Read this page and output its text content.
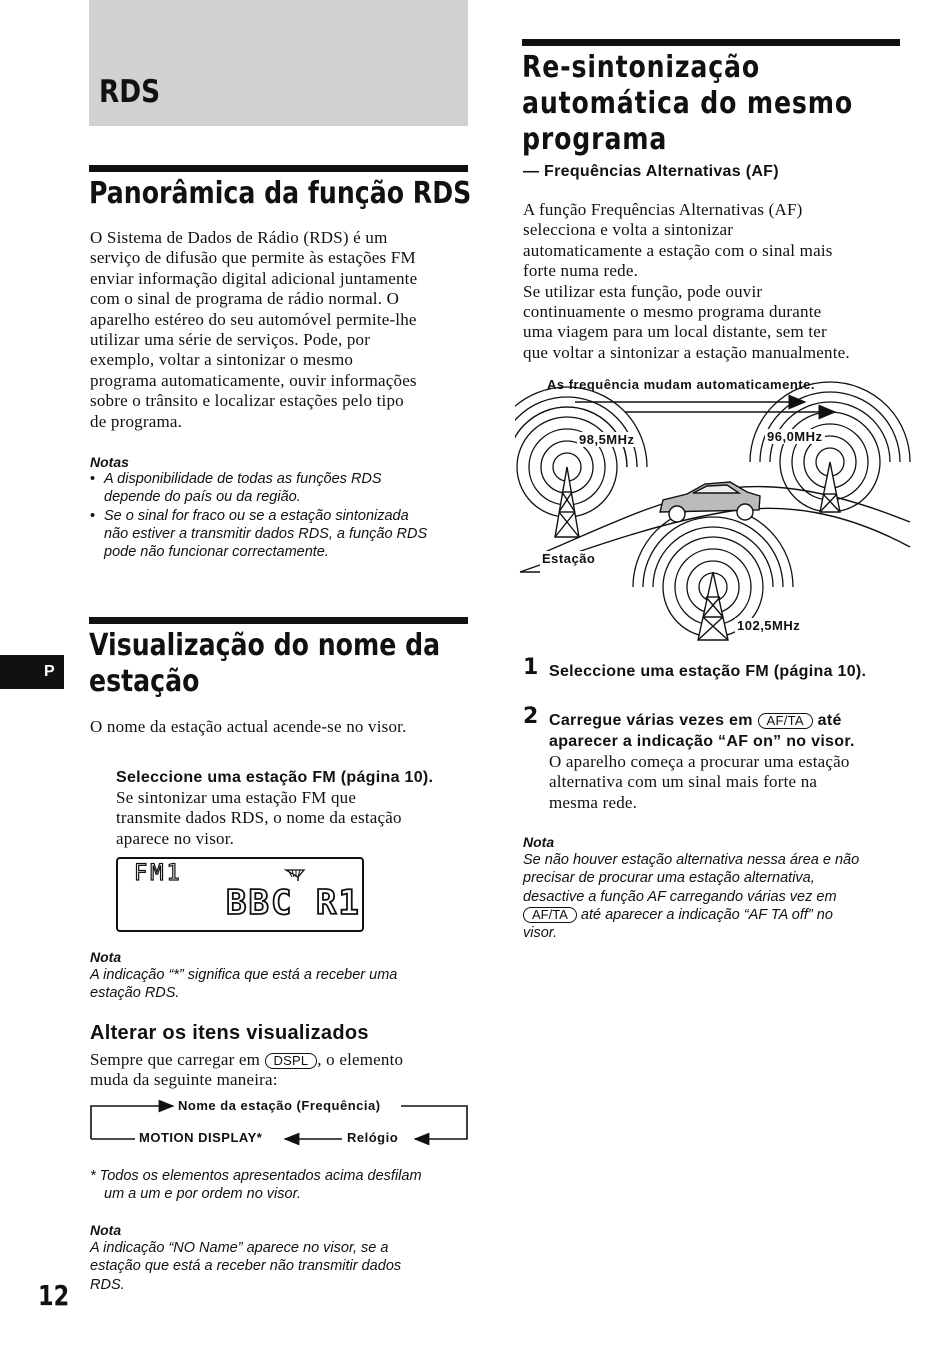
RDS
Panorâmica da função RDS
O Sistema de Dados de Rádio (RDS) é um
serviço de difusão que permite às estações FM
enviar informação digital adicional juntamente
com o sinal de programa de rádio normal. O
aparelho estéreo do seu automóvel permite-lhe
utilizar uma série de serviços. Pode, por
exemplo, voltar a sintonizar o mesmo
programa automaticamente, ouvir informações
sobre o trânsito e localizar estações pelo tipo
de programa.
Notas
• A disponibilidade de todas as funções RDS
depende do país ou da região.
• Se o sinal for fraco ou se a estação sintonizada
não estiver a transmitir dados RDS, a função RDS
pode não funcionar correctamente.
Visualização do nome da
estação
O nome da estação actual acende-se no visor.
Seleccione uma estação FM (página 10).
Se sintonizar uma estação FM que
transmite dados RDS, o nome da estação
aparece no visor.
FM1
BBC R1
Nota
A indicação “*” significa que está a receber uma
estação RDS.
Alterar os itens visualizados
Sempre que carregar em DSPL , o elemento
muda da seguinte maneira:
Nome da estação (Frequência)
MOTION DISPLAY*	Relógio
* Todos os elementos apresentados acima desfilam
um a um e por ordem no visor.
Nota
A indicação “NO Name” aparece no visor, se a
estação que está a receber não transmitir dados
RDS.
P
12
Re-sintonização
automática do mesmo
programa
— Frequências Alternativas (AF)
A função Frequências Alternativas (AF)
selecciona e volta a sintonizar
automaticamente a estação com o sinal mais
forte numa rede.
Se utilizar esta função, pode ouvir
continuamente o mesmo programa durante
uma viagem para um local distante, sem ter
que voltar a sintonizar a estação manualmente.
As frequência mudam automaticamente.
98,5MHz	96,0MHz
102,5MHz
Estação
1 Seleccione uma estação FM (página 10).
2 Carregue várias vezes em AF/TA até
aparecer a indicação “AF on” no visor.
O aparelho começa a procurar uma estação
alternativa com um sinal mais forte na
mesma rede.
Nota
Se não houver estação alternativa nessa área e não
precisar de procurar uma estação alternativa,
desactive a função AF carregando várias vez em
AF/TA até aparecer a indicação “AF TA off” no
visor.
